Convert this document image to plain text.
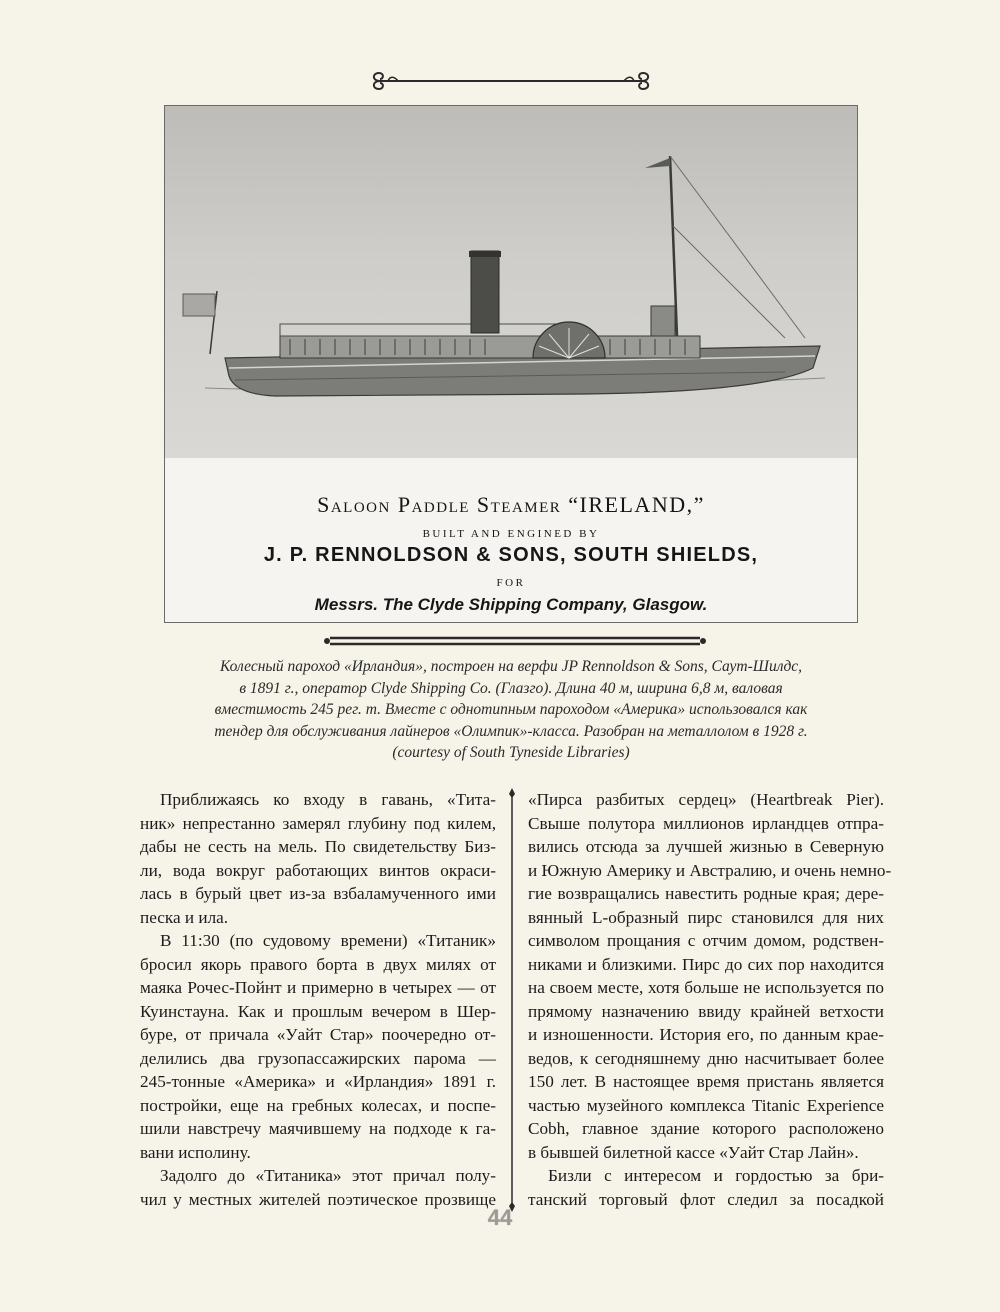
Saloon Paddle Steamer “IRELAND,”
BUILT AND ENGINED BY
J. P. RENNOLDSON & SONS, SOUTH SHIELDS,
FOR
Messrs. The Clyde Shipping Company, Glasgow.
Колесный пароход «Ирландия», построен на верфи JP Rennoldson & Sons, Саут-Шилдс,
в 1891 г., оператор Clyde Shipping Co. (Глазго). Длина 40 м, ширина 6,8 м, валовая
вместимость 245 рег. т. Вместе с однотипным пароходом «Америка» использовался как
тендер для обслуживания лайнеров «Олимпик»-класса. Разобран на металлолом в 1928 г.
(courtesy of South Tyneside Libraries)
Приближаясь ко входу в гавань, «Тита-
ник» непрестанно замерял глубину под килем,
дабы не сесть на мель. По свидетельству Биз-
ли, вода вокруг работающих винтов окраси-
лась в бурый цвет из-за взбаламученного ими
песка и ила.
В 11:30 (по судовому времени) «Титаник»
бросил якорь правого борта в двух милях от
маяка Рочес-Пойнт и примерно в четырех — от
Куинстауна. Как и прошлым вечером в Шер-
буре, от причала «Уайт Стар» поочередно от-
делились два грузопассажирских парома —
245-тонные «Америка» и «Ирландия» 1891 г.
постройки, еще на гребных колесах, и поспе-
шили навстречу маячившему на подходе к га-
вани исполину.
Задолго до «Титаника» этот причал полу-
чил у местных жителей поэтическое прозвище
«Пирса разбитых сердец» (Heartbreak Pier).
Свыше полутора миллионов ирландцев отпра-
вились отсюда за лучшей жизнью в Северную
и Южную Америку и Австралию, и очень немно-
гие возвращались навестить родные края; дере-
вянный L-образный пирс становился для них
символом прощания с отчим домом, родствен-
никами и близкими. Пирс до сих пор находится
на своем месте, хотя больше не используется по
прямому назначению ввиду крайней ветхости
и изношенности. История его, по данным крае-
ведов, к сегодняшнему дню насчитывает более
150 лет. В настоящее время пристань является
частью музейного комплекса Titanic Experience
Cobh, главное здание которого расположено
в бывшей билетной кассе «Уайт Стар Лайн».
Бизли с интересом и гордостью за бри-
танский торговый флот следил за посадкой
44
